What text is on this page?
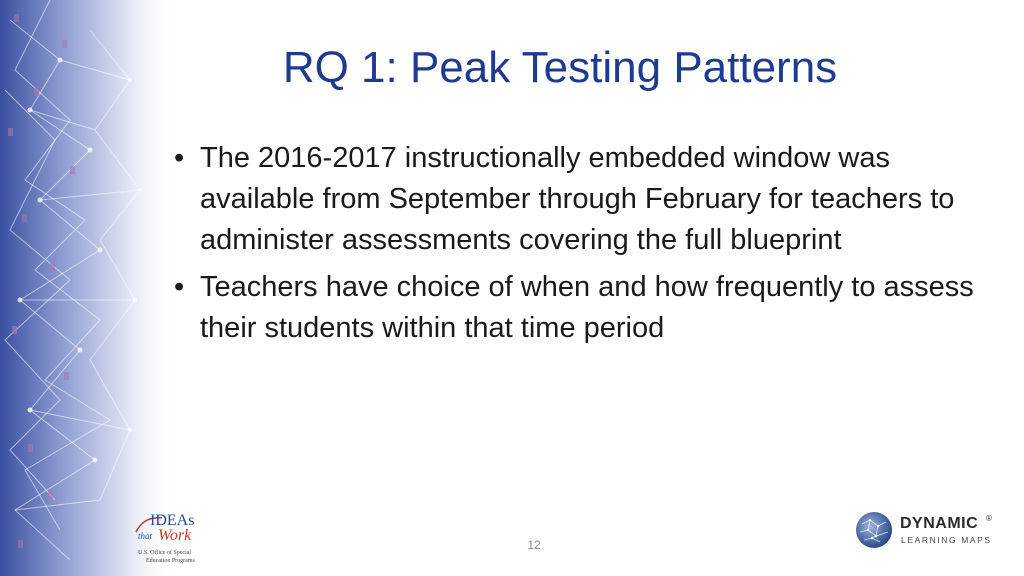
RQ 1: Peak Testing Patterns
• The 2016-2017 instructionally embedded window was available from September through February for teachers to administer assessments covering the full blueprint
• Teachers have choice of when and how frequently to assess their students within that time period
IDEAs
that Work
U.S. Office of Special
Education Programs
12
DYNAMIC ®
LEARNING MAPS
